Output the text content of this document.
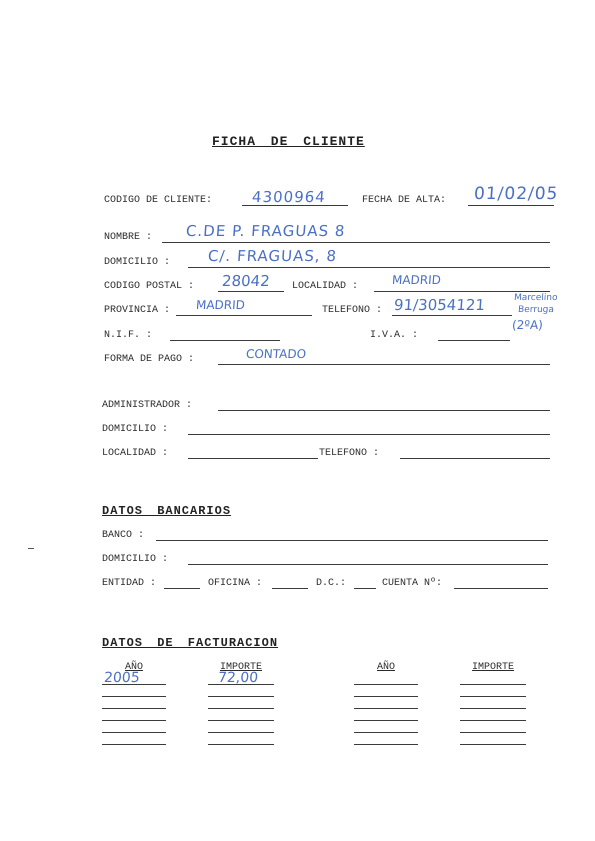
FICHA DE CLIENTE
CODIGO DE CLIENTE:	4300964	FECHA DE ALTA: 01/02/05
NOMBRE : C.DE P. FRAGUAS 8
DOMICILIO : C/. FRAGUAS, 8
CODIGO POSTAL : 28042 LOCALIDAD :	MADRID
PROVINCIA : MADRID	TELEFONO : 91/3054121	Marcelino
Berruga
(2ºA)
N.I.F. :	I.V.A. :
FORMA DE PAGO :	CONTADO
ADMINISTRADOR :
DOMICILIO :
LOCALIDAD :	TELEFONO :
DATOS BANCARIOS
BANCO :
DOMICILIO :
ENTIDAD :	OFICINA :	D.C.:	CUENTA Nº:
DATOS DE FACTURACION
AÑO	IMPORTE	AÑO	IMPORTE
2005	72,00
